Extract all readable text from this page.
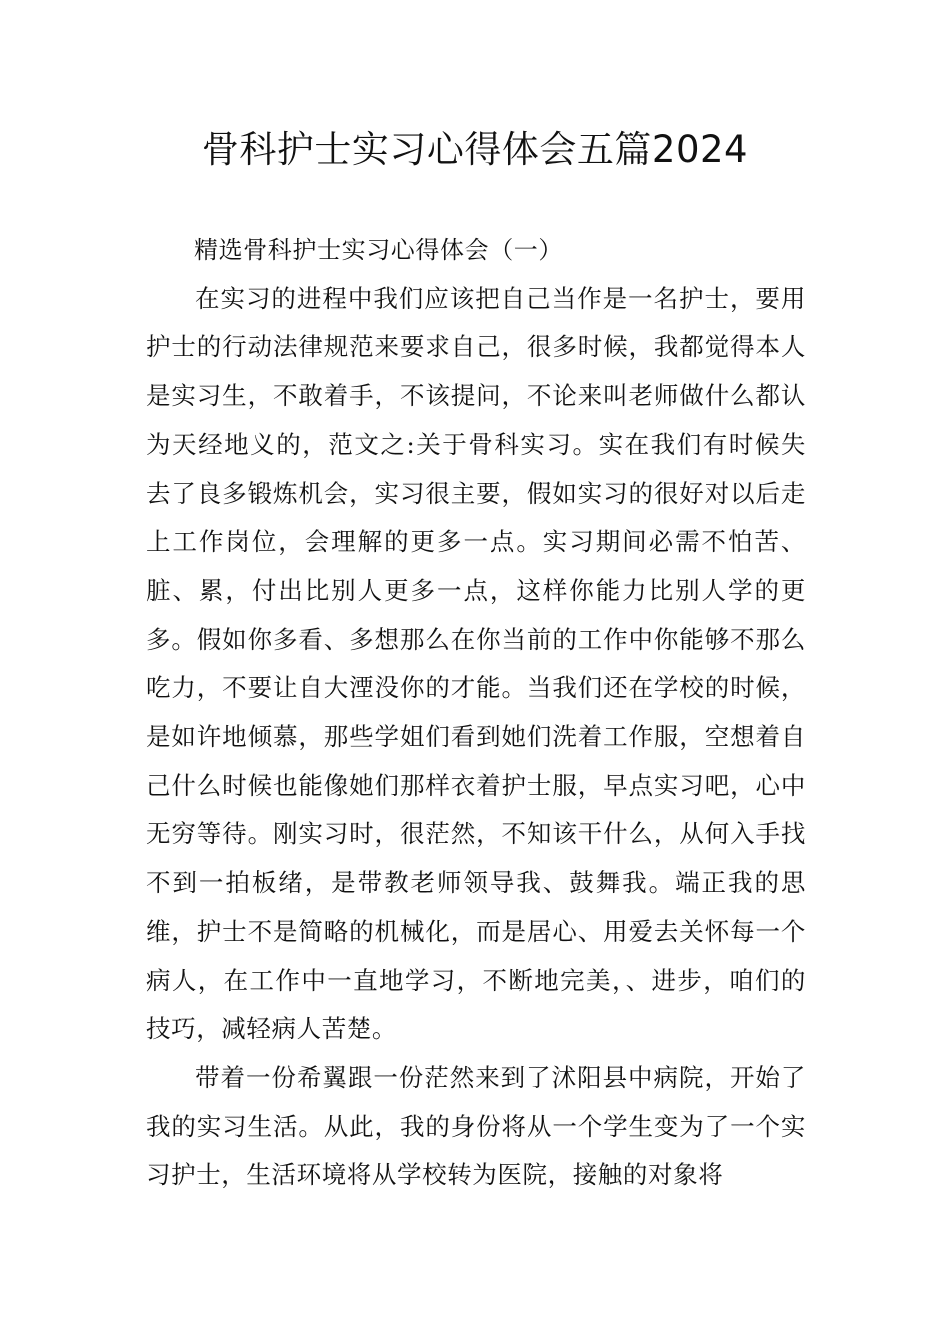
骨科护士实习心得体会五篇2024

精选骨科护士实习心得体会（一）

在实习的进程中我们应该把自己当作是一名护士，要用护士的行动法律规范来要求自己，很多时候，我都觉得本人是实习生，不敢着手，不该提问，不论来叫老师做什么都认为天经地义的，范文之:关于骨科实习。实在我们有时候失去了良多锻炼机会，实习很主要，假如实习的很好对以后走上工作岗位，会理解的更多一点。实习期间必需不怕苦、脏、累，付出比别人更多一点，这样你能力比别人学的更多。假如你多看、多想那么在你当前的工作中你能够不那么吃力，不要让自大湮没你的才能。当我们还在学校的时候，是如许地倾慕，那些学姐们看到她们洗着工作服，空想着自己什么时候也能像她们那样衣着护士服，早点实习吧，心中无穷等待。刚实习时，很茫然，不知该干什么，从何入手找不到一拍板绪，是带教老师领导我、鼓舞我。端正我的思维，护士不是简略的机械化，而是居心、用爱去关怀每一个病人，在工作中一直地学习，不断地完美，、进步，咱们的技巧，减轻病人苦楚。

带着一份希翼跟一份茫然来到了沭阳县中病院，开始了我的实习生活。从此，我的身份将从一个学生变为了一个实习护士，生活环境将从学校转为医院，接触的对象将
